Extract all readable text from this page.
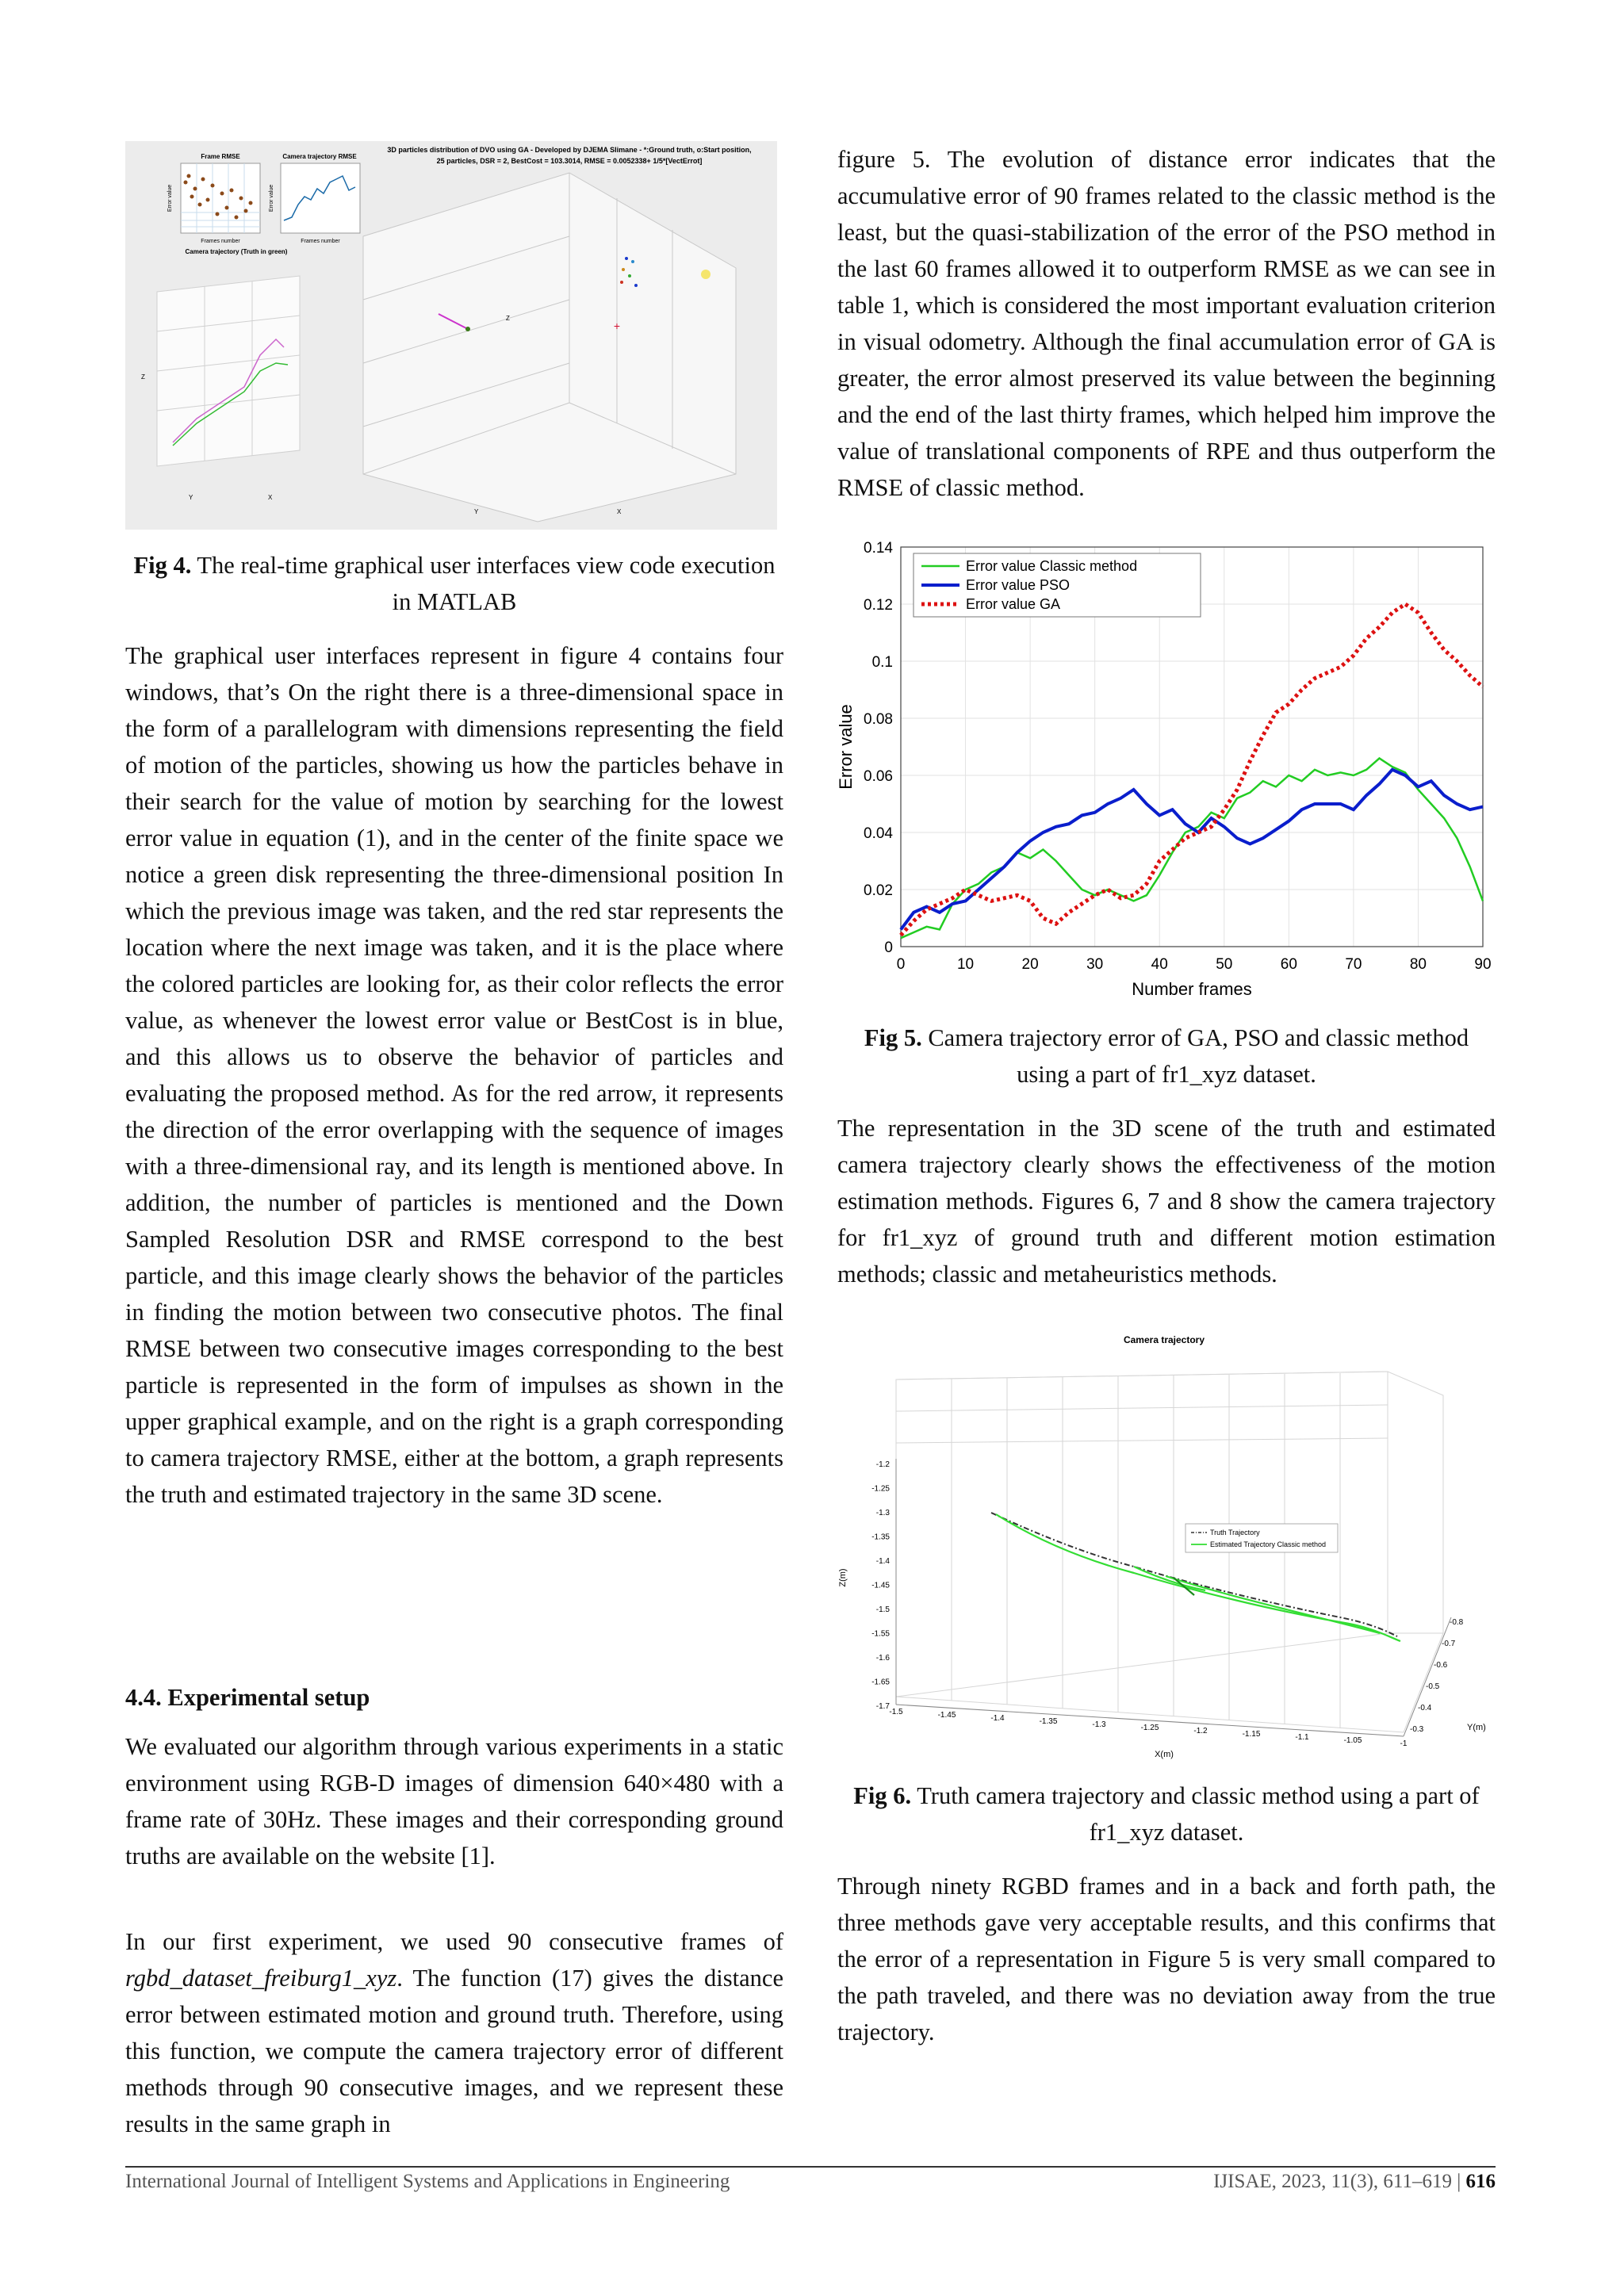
3D particles distribution of DVO using GA - Developed by DJEMA Slimane - *:Ground truth, o:Start position,
25 particles, DSR = 2, BestCost = 103.3014, RMSE = 0.0052338+ 1/5*[VectErrot]
Frame RMSE
Error value
Frames number
Camera trajectory RMSE
Error value
Frames number
Camera trajectory (Truth in green)
Z
Y	X
+
X
Y
Z
Fig 4. The real-time graphical user interfaces view code execution in MATLAB

The graphical user interfaces represent in figure 4 contains four windows, that’s On the right there is a three-dimensional space in the form of a parallelogram with dimensions representing the field of motion of the particles, showing us how the particles behave in their search for the value of motion by searching for the lowest error value in equation (1), and in the center of the finite space we notice a green disk representing the three-dimensional position In which the previous image was taken, and the red star represents the location where the next image was taken, and it is the place where the colored particles are looking for, as their color reflects the error value, as whenever the lowest error value or BestCost is in blue, and this allows us to observe the behavior of particles and evaluating the proposed method. As for the red arrow, it represents the direction of the error overlapping with the sequence of images with a three-dimensional ray, and its length is mentioned above. In addition, the number of particles is mentioned and the Down Sampled Resolution DSR and RMSE correspond to the best particle, and this image clearly shows the behavior of the particles in finding the motion between two consecutive photos. The final RMSE between two consecutive images corresponding to the best particle is represented in the form of impulses as shown in the upper graphical example, and on the right is a graph corresponding to camera trajectory RMSE, either at the bottom, a graph represents the truth and estimated trajectory in the same 3D scene.

4.4. Experimental setup

We evaluated our algorithm through various experiments in a static environment using RGB-D images of dimension 640×480 with a frame rate of 30Hz. These images and their corresponding ground truths are available on the website [1].

In our first experiment, we used 90 consecutive frames of rgbd_dataset_freiburg1_xyz. The function (17) gives the distance error between estimated motion and ground truth. Therefore, using this function, we compute the camera trajectory error of different methods through 90 consecutive images, and we represent these results in the same graph in

figure 5. The evolution of distance error indicates that the accumulative error of 90 frames related to the classic method is the least, but the quasi-stabilization of the error of the PSO method in the last 60 frames allowed it to outperform RMSE as we can see in table 1, which is considered the most important evaluation criterion in visual odometry. Although the final accumulation error of GA is greater, the error almost preserved its value between the beginning and the end of the last thirty frames, which helped him improve the value of translational components of RPE and thus outperform the RMSE of classic method.

0
0.02
0.04
0.06
0.08
0.1
0.12
0.14
0	10	20	30	40	50	60	70	80	90
Error value
Number frames
Error value Classic method
Error value PSO
Error value GA
Fig 5. Camera trajectory error of GA, PSO and classic method using a part of fr1_xyz dataset.

The representation in the 3D scene of the truth and estimated camera trajectory clearly shows the effectiveness of the motion estimation methods. Figures 6, 7 and 8 show the camera trajectory for fr1_xyz of ground truth and different motion estimation methods; classic and metaheuristics methods.

Camera trajectory
-1.2
-1.25
-1.3
-1.35
-1.4
-1.45
-1.5
-1.55
-1.6
-1.65
-1.7
-1.5	-1.45	-1.4	-1.35	-1.3	-1.25	-1.2	-1.15	-1.1	-1.05	-1
-0.3
-0.4
-0.5
-0.6
-0.7
-0.8
Z(m)
X(m)
Y(m)
Truth Trajectory
Estimated Trajectory Classic method
Fig 6. Truth camera trajectory and classic method using a part of fr1_xyz dataset.

Through ninety RGBD frames and in a back and forth path, the three methods gave very acceptable results, and this confirms that the error of a representation in Figure 5 is very small compared to the path traveled, and there was no deviation away from the true trajectory.

International Journal of Intelligent Systems and Applications in Engineering	IJISAE, 2023, 11(3), 611–619 | 616
